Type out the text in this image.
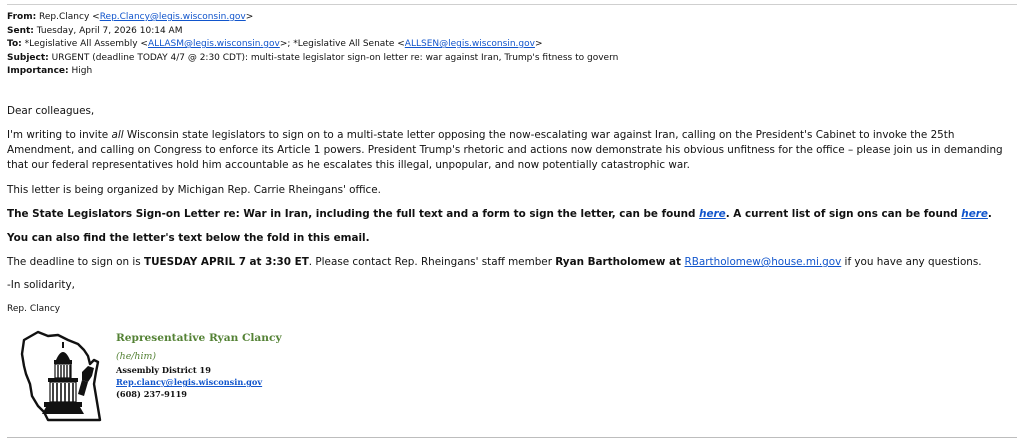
From: Rep.Clancy <Rep.Clancy@legis.wisconsin.gov>
Sent: Tuesday, April 7, 2026 10:14 AM
To: *Legislative All Assembly <ALLASM@legis.wisconsin.gov>; *Legislative All Senate <ALLSEN@legis.wisconsin.gov>
Subject: URGENT (deadline TODAY 4/7 @ 2:30 CDT): multi-state legislator sign-on letter re: war against Iran, Trump's fitness to govern
Importance: High

Dear colleagues,

I'm writing to invite all Wisconsin state legislators to sign on to a multi-state letter opposing the now-escalating war against Iran, calling on the President's Cabinet to invoke the 25th Amendment, and calling on Congress to enforce its Article 1 powers. President Trump's rhetoric and actions now demonstrate his obvious unfitness for the office – please join us in demanding that our federal representatives hold him accountable as he escalates this illegal, unpopular, and now potentially catastrophic war.

This letter is being organized by Michigan Rep. Carrie Rheingans' office.

The State Legislators Sign-on Letter re: War in Iran, including the full text and a form to sign the letter, can be found here. A current list of sign ons can be found here.

You can also find the letter's text below the fold in this email.

The deadline to sign on is TUESDAY APRIL 7 at 3:30 ET. Please contact Rep. Rheingans' staff member Ryan Bartholomew at RBartholomew@house.mi.gov if you have any questions.

-In solidarity,

Rep. Clancy

Representative Ryan Clancy
(he/him)
Assembly District 19
Rep.clancy@legis.wisconsin.gov
(608) 237-9119
